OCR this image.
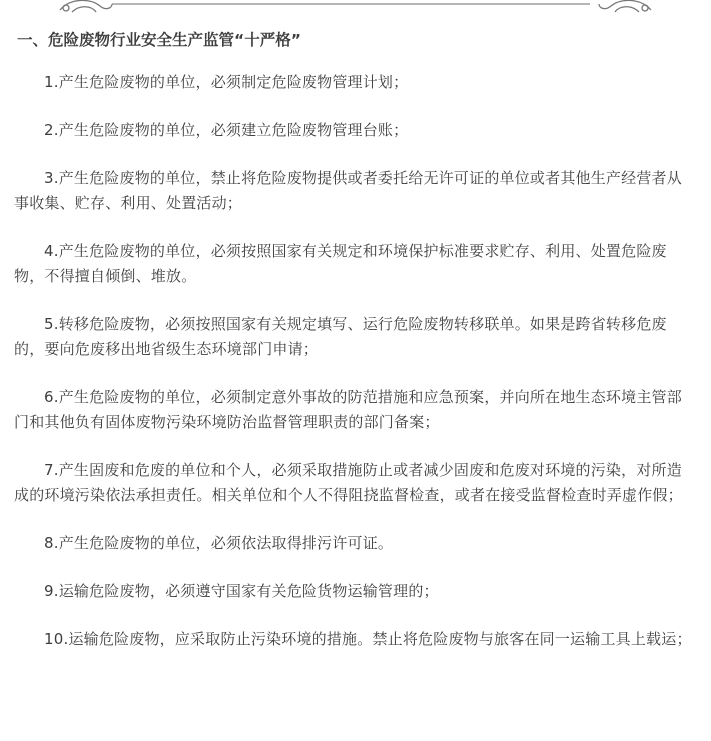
一、危险废物行业安全生产监管“十严格”

1.产生危险废物的单位，必须制定危险废物管理计划；

2.产生危险废物的单位，必须建立危险废物管理台账；

3.产生危险废物的单位，禁止将危险废物提供或者委托给无许可证的单位或者其他生产经营者从事收集、贮存、利用、处置活动；

4.产生危险废物的单位，必须按照国家有关规定和环境保护标准要求贮存、利用、处置危险废物，不得擅自倾倒、堆放。

5.转移危险废物，必须按照国家有关规定填写、运行危险废物转移联单。如果是跨省转移危废的，要向危废移出地省级生态环境部门申请；

6.产生危险废物的单位，必须制定意外事故的防范措施和应急预案，并向所在地生态环境主管部门和其他负有固体废物污染环境防治监督管理职责的部门备案；

7.产生固废和危废的单位和个人，必须采取措施防止或者减少固废和危废对环境的污染，对所造成的环境污染依法承担责任。相关单位和个人不得阻挠监督检查，或者在接受监督检查时弄虚作假；

8.产生危险废物的单位，必须依法取得排污许可证。

9.运输危险废物，必须遵守国家有关危险货物运输管理的；

10.运输危险废物，应采取防止污染环境的措施。禁止将危险废物与旅客在同一运输工具上载运；
